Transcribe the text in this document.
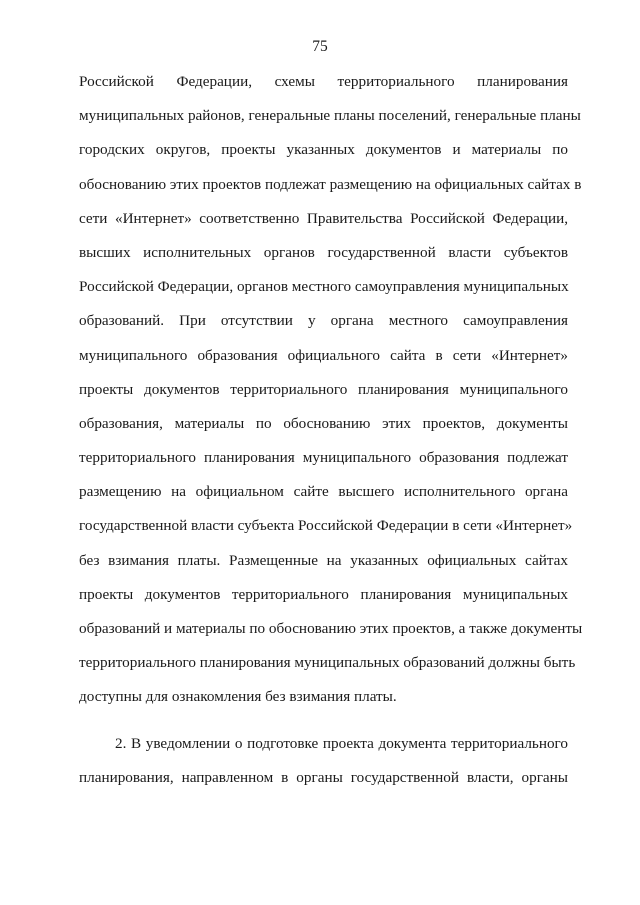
75
Российской Федерации, схемы территориального планирования
муниципальных районов, генеральные планы поселений, генеральные планы
городских округов, проекты указанных документов и материалы по
обоснованию этих проектов подлежат размещению на официальных сайтах в
сети «Интернет» соответственно Правительства Российской Федерации,
высших исполнительных органов государственной власти субъектов
Российской Федерации, органов местного самоуправления муниципальных
образований. При отсутствии у органа местного самоуправления
муниципального образования официального сайта в сети «Интернет»
проекты документов территориального планирования муниципального
образования, материалы по обоснованию этих проектов, документы
территориального планирования муниципального образования подлежат
размещению на официальном сайте высшего исполнительного органа
государственной власти субъекта Российской Федерации в сети «Интернет»
без взимания платы. Размещенные на указанных официальных сайтах
проекты документов территориального планирования муниципальных
образований и материалы по обоснованию этих проектов, а также документы
территориального планирования муниципальных образований должны быть
доступны для ознакомления без взимания платы.
2. В уведомлении о подготовке проекта документа территориального
планирования, направленном в органы государственной власти, органы
